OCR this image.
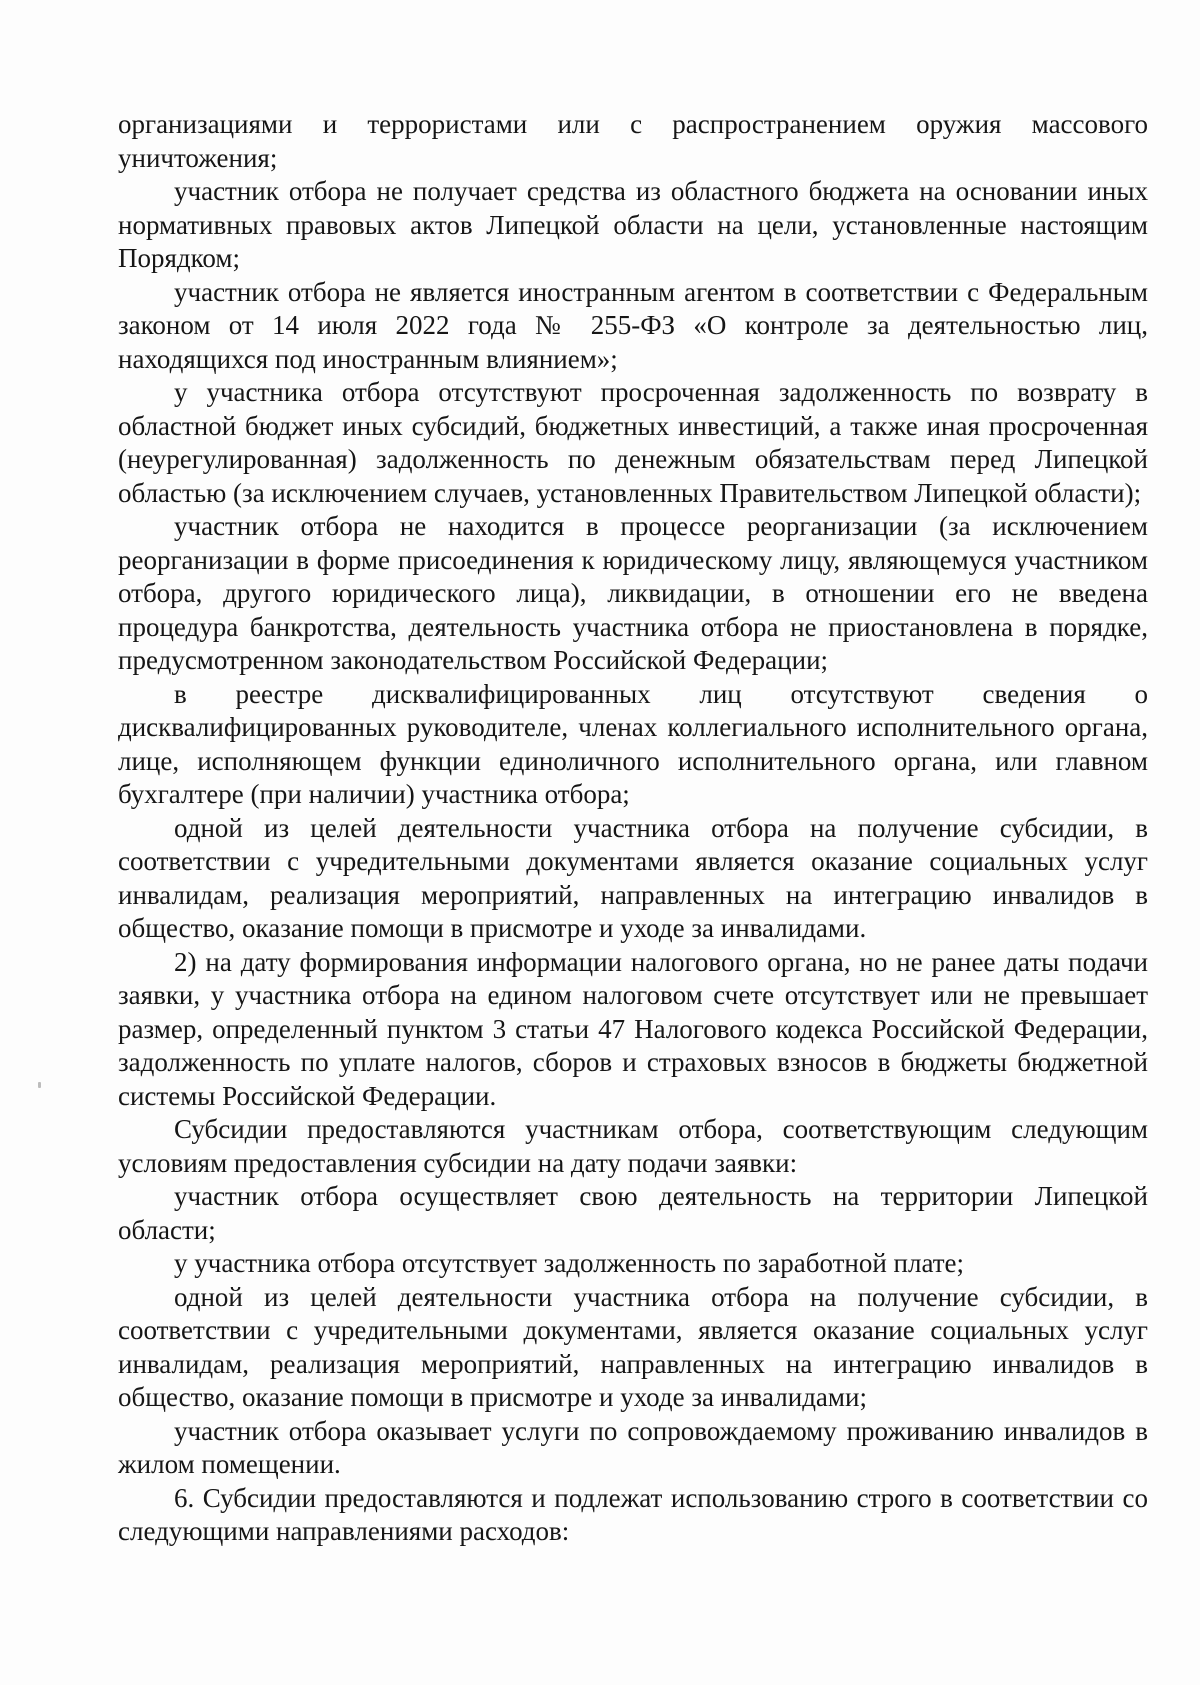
организациями и террористами или с распространением оружия массового уничтожения;

участник отбора не получает средства из областного бюджета на основании иных нормативных правовых актов Липецкой области на цели, установленные настоящим Порядком;

участник отбора не является иностранным агентом в соответствии с Федеральным законом от 14 июля 2022 года № 255-ФЗ «О контроле за деятельностью лиц, находящихся под иностранным влиянием»;

у участника отбора отсутствуют просроченная задолженность по возврату в областной бюджет иных субсидий, бюджетных инвестиций, а также иная просроченная (неурегулированная) задолженность по денежным обязательствам перед Липецкой областью (за исключением случаев, установленных Правительством Липецкой области);

участник отбора не находится в процессе реорганизации (за исключением реорганизации в форме присоединения к юридическому лицу, являющемуся участником отбора, другого юридического лица), ликвидации, в отношении его не введена процедура банкротства, деятельность участника отбора не приостановлена в порядке, предусмотренном законодательством Российской Федерации;

в реестре дисквалифицированных лиц отсутствуют сведения о дисквалифицированных руководителе, членах коллегиального исполнительного органа, лице, исполняющем функции единоличного исполнительного органа, или главном бухгалтере (при наличии) участника отбора;

одной из целей деятельности участника отбора на получение субсидии, в соответствии с учредительными документами является оказание социальных услуг инвалидам, реализация мероприятий, направленных на интеграцию инвалидов в общество, оказание помощи в присмотре и уходе за инвалидами.

2) на дату формирования информации налогового органа, но не ранее даты подачи заявки, у участника отбора на едином налоговом счете отсутствует или не превышает размер, определенный пунктом 3 статьи 47 Налогового кодекса Российской Федерации, задолженность по уплате налогов, сборов и страховых взносов в бюджеты бюджетной системы Российской Федерации.

Субсидии предоставляются участникам отбора, соответствующим следующим условиям предоставления субсидии на дату подачи заявки:

участник отбора осуществляет свою деятельность на территории Липецкой области;

у участника отбора отсутствует задолженность по заработной плате;

одной из целей деятельности участника отбора на получение субсидии, в соответствии с учредительными документами, является оказание социальных услуг инвалидам, реализация мероприятий, направленных на интеграцию инвалидов в общество, оказание помощи в присмотре и уходе за инвалидами;

участник отбора оказывает услуги по сопровождаемому проживанию инвалидов в жилом помещении.

6. Субсидии предоставляются и подлежат использованию строго в соответствии со следующими направлениями расходов:
